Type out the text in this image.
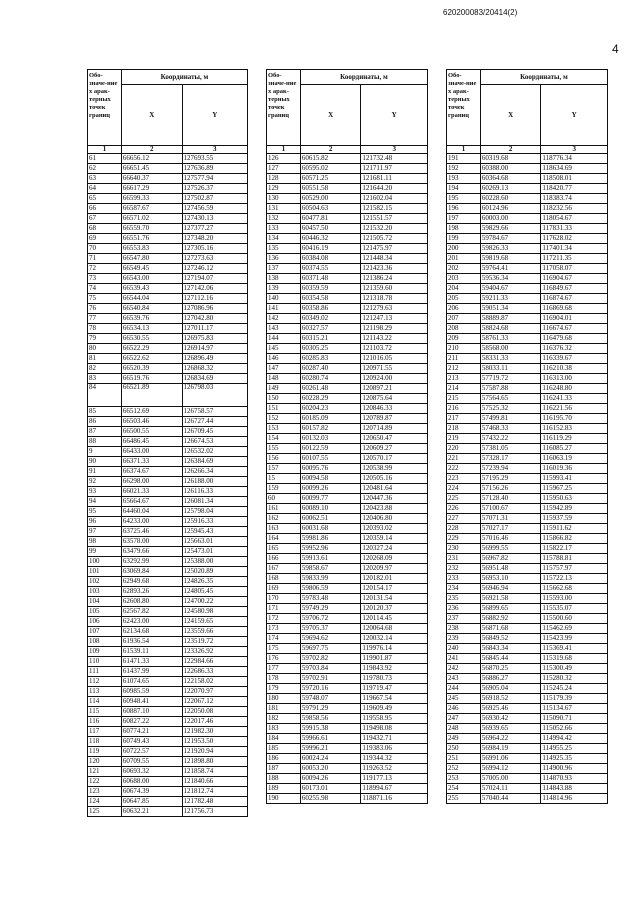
620200083/20414(2)
4
Обо-значе-ние х арак-терных точек границ	Координаты, м	
	X	Y
1	2	3
61	66656.12	127693.55
62	66651.45	127636.89
63	66640.37	127577.94
64	66617.29	127526.37
65	66599.33	127502.87
66	66587.67	127456.59
67	66571.02	127430.13
68	66559.70	127377.27
69	66551.76	127348.20
70	66553.83	127305.16
71	66547.80	127273.63
72	66549.45	127246.12
73	66543.00	127194.07
74	66539.43	127142.06
75	66544.04	127112.16
76	66540.84	127086.96
77	66539.76	127042.80
78	66534.13	127011.17
79	66530.55	126975.83
80	66522.29	126914.97
81	66522.62	126896.49
82	66520.39	126868.32
83	66519.76	126834.69
84	66521.89	126798.03
85	66512.69	126758.57
86	66503.46	126727.44
87	66500.55	126709.45
88	66486.45	126674.53
9	66433.00	126532.02
90	66371.33	126384.69
91	66374.67	126266.34
92	66298.00	126188.00
93	66021.33	126116.33
94	65664.67	126081.34
95	64460.04	125798.04
96	64233.00	125916.33
97	63725.46	125945.43
98	63578.00	125663.01
99	63479.66	125473.01
100	63292.99	125388.00
101	63069.84	125020.89
102	62949.68	124826.35
103	62893.26	124805.45
104	62608.80	124700.22
105	62567.82	124580.98
106	62423.00	124159.65
107	62134.68	123559.66
108	61936.54	123519.72
109	61539.11	123326.92
110	61471.33	122984.66
111	61437.99	122686.33
112	61074.65	122158.02
113	60985.59	122070.97
114	60948.41	122067.12
115	60887.10	122050.08
116	60827.22	122017.46
117	60774.21	121982.30
118	60749.43	121953.50
119	60722.57	121920.94
120	60709.55	121898.80
121	60693.32	121858.74
122	60688.00	121840.66
123	60674.39	121812.74
124	60647.85	121782.48
125	60632.21	121756.73
Обо-значе-ние х арак-терных точек границ	Координаты, м	
	X	Y
1	2	3
126	60615.82	121732.48
127	60595.02	121711.97
128	60571.25	121681.11
129	60551.58	121644.20
130	60529.00	121602.04
131	60504.63	121582.15
132	60477.81	121551.57
133	60457.50	121532.20
134	60446.32	121505.72
135	60416.19	121475.97
136	60384.08	121448.34
137	60374.55	121423.36
138	60371.48	121386.24
139	60359.59	121359.60
140	60354.58	121318.78
141	60358.86	121279.63
142	60349.02	121247.13
143	60327.57	121198.29
144	60315.21	121143.22
145	60305.25	121103.72
146	60285.83	121016.05
147	60287.40	120971.55
148	60280.74	120924.00
149	60261.48	120897.21
150	60228.29	120875.64
151	60204.23	120846.33
152	60185.09	120789.87
153	60157.82	120714.89
154	60132.03	120650.47
155	60122.59	120609.27
156	60107.55	120570.17
157	60095.76	120538.99
15	60094.58	120505.16
159	60099.26	120481.64
60	60099.77	120447.36
161	60089.10	120423.88
162	60062.51	120406.80
163	60031.68	120393.02
164	59981.86	120359.14
165	59952.96	120327.24
166	59913.61	120268.09
167	59858.67	120209.97
168	59833.99	120182.01
169	59806.59	120154.17
170	59783.48	120131.54
171	59749.29	120120.37
172	59706.72	120114.45
173	59705.37	120064.68
174	59694.62	120032.14
175	59697.75	119976.14
176	59702.82	119901.87
177	59703.84	119843.92
178	59702.91	119780.73
179	59720.16	119719.47
180	59748.07	119667.54
181	59791.29	119609.49
182	59858.56	119558.95
183	59915.38	119498.08
184	59966.61	119432.71
185	59996.21	119383.06
186	60024.24	119344.32
187	60053.20	119263.52
188	60094.26	119177.13
189	60173.01	118994.67
190	60255.98	118871.16
Обо-значе-ние х арак-терных точек границ	Координаты, м	
	X	Y
1	2	3
191	60319.68	118776.34
192	60388.00	118634.69
193	60364.68	118508.01
194	60269.13	118420.77
195	60228.60	118383.74
196	60124.96	118232.56
197	60003.00	118054.67
198	59829.66	117831.33
199	59784.67	117628.02
200	59826.33	117401.34
201	59819.68	117211.35
202	59764.41	117058.07
203	59536.34	116904.67
204	59404.67	116849.67
205	59211.33	116874.67
206	59051.34	116869.68
207	58889.87	116904.01
208	58824.68	116674.67
209	58761.33	116479.68
210	58568.00	116376.32
211	58331.33	116339.67
212	58033.11	116210.38
213	57719.72	116313.00
214	57587.88	116248.80
215	57564.65	116241.33
216	57525.32	116221.56
217	57499.81	116195.70
218	57468.33	116152.83
219	57432.22	116119.29
220	57381.05	116085.27
221	57328.17	116063.19
222	57239.94	116019.36
223	57195.29	115993.41
224	57156.26	115967.25
225	57128.40	115950.63
226	57100.67	115942.89
227	57071.31	115937.59
228	57027.17	115911.62
229	57016.46	115866.82
230	56999.55	115822.17
231	56967.82	115788.81
232	56951.48	115757.97
233	56953.10	115722.13
234	56946.94	115662.68
235	56921.58	115593.00
236	56899.65	115535.07
237	56882.92	115500.60
238	56871.68	115462.69
239	56849.52	115423.99
240	56843.34	115369.41
241	56845.44	115319.68
242	56870.25	115300.49
243	56886.27	115280.32
244	56905.04	115245.24
245	56918.52	115179.39
246	56925.46	115134.67
247	56930.42	115090.71
248	56939.65	115052.66
249	56964.22	114994.42
250	56984.19	114955.25
251	56991.06	114925.35
252	56994.12	114900.96
253	57005.00	114870.93
254	57024.11	114843.88
255	57040.44	114814.96
